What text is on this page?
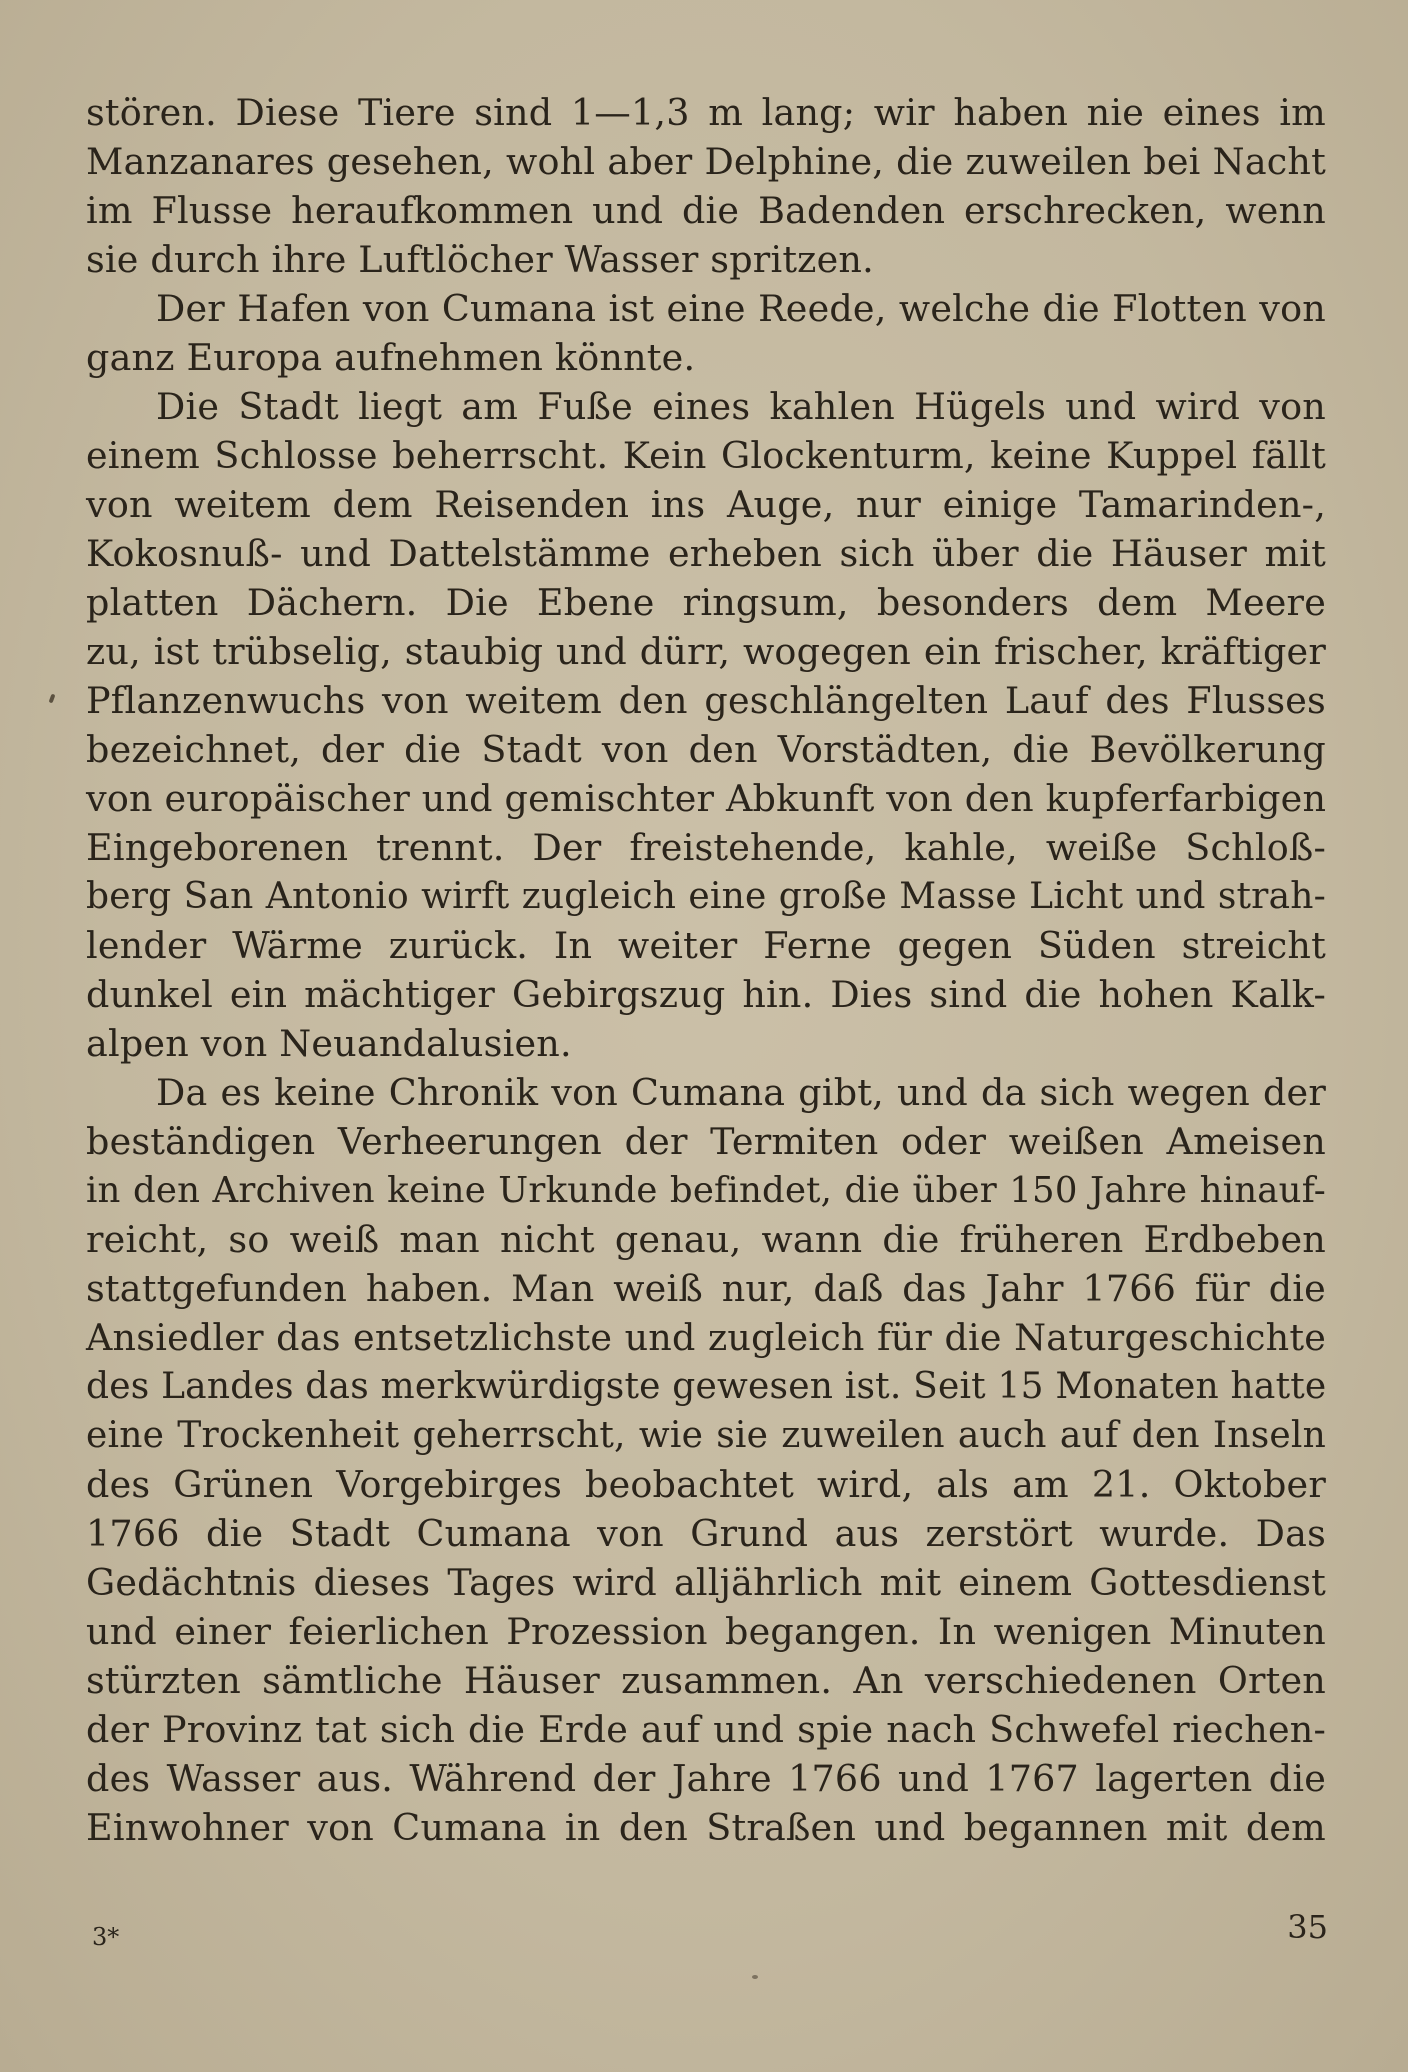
stören. Diese Tiere sind 1—1,3 m lang; wir haben nie eines im
Manzanares gesehen, wohl aber Delphine, die zuweilen bei Nacht
im Flusse heraufkommen und die Badenden erschrecken, wenn
sie durch ihre Luftlöcher Wasser spritzen.
Der Hafen von Cumana ist eine Reede, welche die Flotten von
ganz Europa aufnehmen könnte.
Die Stadt liegt am Fuße eines kahlen Hügels und wird von
einem Schlosse beherrscht. Kein Glockenturm, keine Kuppel fällt
von weitem dem Reisenden ins Auge, nur einige Tamarinden-,
Kokosnuß- und Dattelstämme erheben sich über die Häuser mit
platten Dächern. Die Ebene ringsum, besonders dem Meere
zu, ist trübselig, staubig und dürr, wogegen ein frischer, kräftiger
Pflanzenwuchs von weitem den geschlängelten Lauf des Flusses
bezeichnet, der die Stadt von den Vorstädten, die Bevölkerung
von europäischer und gemischter Abkunft von den kupferfarbigen
Eingeborenen trennt. Der freistehende, kahle, weiße Schloß-
berg San Antonio wirft zugleich eine große Masse Licht und strah-
lender Wärme zurück. In weiter Ferne gegen Süden streicht
dunkel ein mächtiger Gebirgszug hin. Dies sind die hohen Kalk-
alpen von Neuandalusien.
Da es keine Chronik von Cumana gibt, und da sich wegen der
beständigen Verheerungen der Termiten oder weißen Ameisen
in den Archiven keine Urkunde befindet, die über 150 Jahre hinauf-
reicht, so weiß man nicht genau, wann die früheren Erdbeben
stattgefunden haben. Man weiß nur, daß das Jahr 1766 für die
Ansiedler das entsetzlichste und zugleich für die Naturgeschichte
des Landes das merkwürdigste gewesen ist. Seit 15 Monaten hatte
eine Trockenheit geherrscht, wie sie zuweilen auch auf den Inseln
des Grünen Vorgebirges beobachtet wird, als am 21. Oktober
1766 die Stadt Cumana von Grund aus zerstört wurde. Das
Gedächtnis dieses Tages wird alljährlich mit einem Gottesdienst
und einer feierlichen Prozession begangen. In wenigen Minuten
stürzten sämtliche Häuser zusammen. An verschiedenen Orten
der Provinz tat sich die Erde auf und spie nach Schwefel riechen-
des Wasser aus. Während der Jahre 1766 und 1767 lagerten die
Einwohner von Cumana in den Straßen und begannen mit dem
3*	35
